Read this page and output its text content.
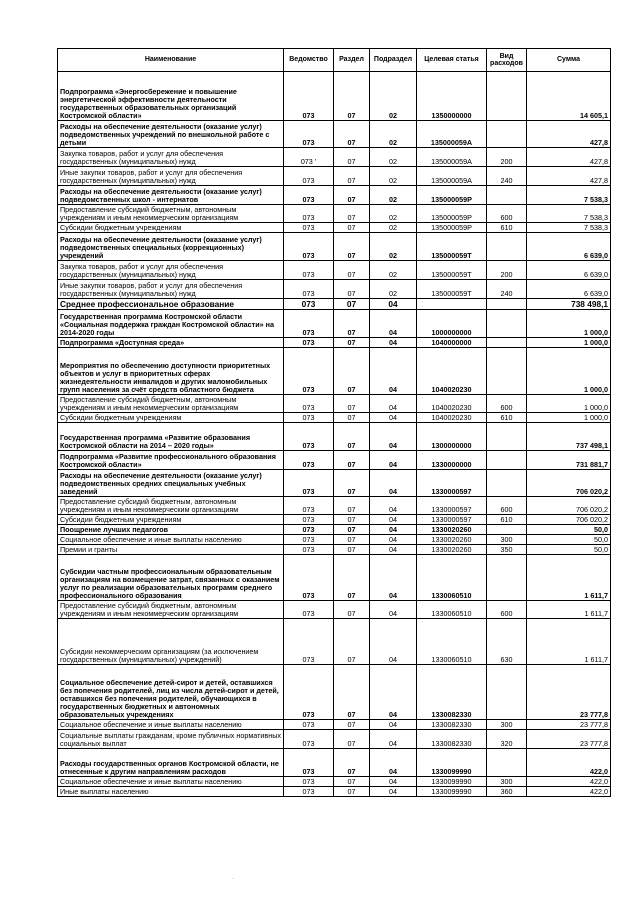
Наименование	Ведомство	Раздел	Подраздел	Целевая статья	Вид расходов	Сумма
Подпрограмма «Энергосбережение и повышение энергетической эффективности деятельности государственных образовательных организаций Костромской области»	073	07	02	1350000000		14 605,1
Расходы на обеспечение деятельности (оказание услуг) подведомственных учреждений по внешкольной работе с детьми	073	07	02	135000059А		427,8
Закупка товаров, работ и услуг для обеспечения государственных (муниципальных) нужд	073 '	07	02	135000059А	200	427,8
Иные закупки товаров, работ и услуг для обеспечения государственных (муниципальных) нужд	073	07	02	135000059А	240	427,8
Расходы на обеспечение деятельности (оказание услуг) подведомственных школ - интернатов	073	07	02	135000059Р		7 538,3
Предоставление субсидий бюджетным, автономным учреждениям и иным некоммерческим организациям	073	07	02	135000059Р	600	7 538,3
Субсидии бюджетным учреждениям	073	07	02	135000059Р	610	7 538,3
Расходы на обеспечение деятельности (оказание услуг) подведомственных специальных (коррекционных) учреждений	073	07	02	135000059Т		6 639,0
Закупка товаров, работ и услуг для обеспечения государственных (муниципальных) нужд	073	07	02	135000059Т	200	6 639,0
Иные закупки товаров, работ и услуг для обеспечения государственных (муниципальных) нужд	073	07	02	135000059Т	240	6 639,0
Среднее профессиональное образование	073	07	04			738 498,1
Государственная программа Костромской области «Социальная поддержка граждан Костромской области» на 2014-2020 годы	073	07	04	1000000000		1 000,0
Подпрограмма «Доступная среда»	073	07	04	1040000000		1 000,0
Мероприятия по обеспечению доступности приоритетных объектов и услуг в приоритетных сферах жизнедеятельности инвалидов и других маломобильных групп населения за счёт средств областного бюджета	073	07	04	1040020230		1 000,0
Предоставление субсидий бюджетным, автономным учреждениям и иным некоммерческим организациям	073	07	04	1040020230	600	1 000,0
Субсидии бюджетным учреждениям	073	07	04	1040020230	610	1 000,0
Государственная программа «Развитие образования Костромской области на 2014 – 2020 годы»	073	07	04	1300000000		737 498,1
Подпрограмма «Развитие профессионального образования Костромской области»	073	07	04	1330000000		731 881,7
Расходы на обеспечение деятельности (оказание услуг) подведомственных средних специальных учебных заведений	073	07	04	1330000597		706 020,2
Предоставление субсидий бюджетным, автономным учреждениям и иным некоммерческим организациям	073	07	04	1330000597	600	706 020,2
Субсидии бюджетным учреждениям	073	07	04	1330000597	610	706 020,2
Поощрение лучших педагогов	073	07	04	1330020260		50,0
Социальное обеспечение и иные выплаты населению	073	07	04	1330020260	300	50,0
Премии и гранты	073	07	04	1330020260	350	50,0
Субсидии частным профессиональным образовательным организациям на возмещение затрат, связанных с оказанием услуг по реализации образовательных программ среднего профессионального образования	073	07	04	1330060510		1 611,7
Предоставление субсидий бюджетным, автономным учреждениям и иным некоммерческим организациям	073	07	04	1330060510	600	1 611,7
Субсидии некоммерческим организациям (за исключением государственных (муниципальных) учреждений)	073	07	04	1330060510	630	1 611,7
Социальное обеспечение детей-сирот и детей, оставшихся без попечения родителей, лиц из числа детей-сирот и детей, оставшихся без попечения родителей, обучающихся в государственных бюджетных и автономных образовательных учреждениях	073	07	04	1330082330		23 777,8
Социальное обеспечение и иные выплаты населению	073	07	04	1330082330	300	23 777,8
Социальные выплаты гражданам, кроме публичных нормативных социальных выплат	073	07	04	1330082330	320	23 777,8
Расходы государственных органов Костромской области, не отнесенные к другим направлениям расходов	073	07	04	1330099990		422,0
Социальное обеспечение и иные выплаты населению	073	07	04	1330099990	300	422,0
Иные выплаты населению	073	07	04	1330099990	360	422,0
·
